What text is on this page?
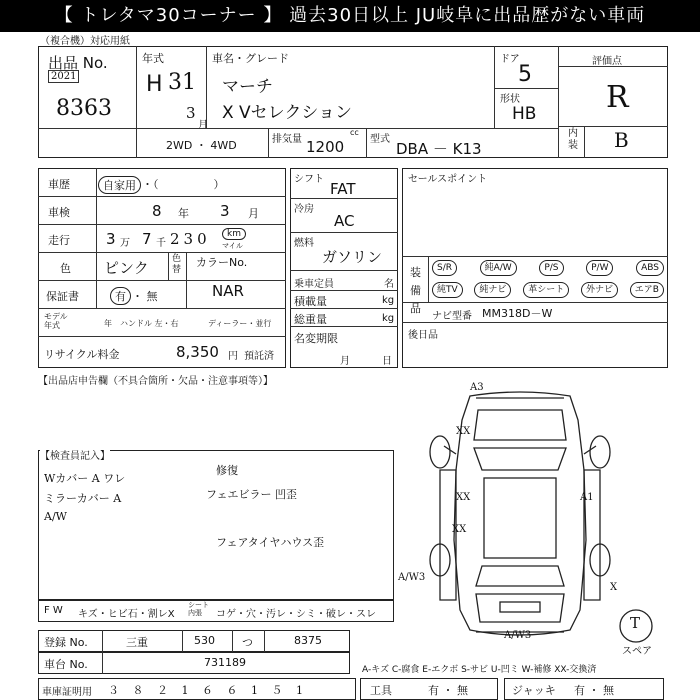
【 トレタマ30コーナー 】 過去30日以上 JU岐阜に出品歴がない車両
（複合機）対応用紙
出品 No.
2021
8363
年式
H 31
3
月
車名・グレード
マーチ
X Vセレクション
ドア
5
形状
HB
2WD ・ 4WD	排気量 1200
cc
型式
DBA － K13
評価点
R
内装 B
車歴	自家用 ・（　　　　　）
車検	8 年 3 月
走行 3 万 7 千 230	km
マイル
色 ピンク	色替
カラーNo.
NAR
保証書	有 ・ 無
モデル年式	年 ハンドル 左・右	ディーラー・並行
リサイクル料金	8,350 円 預託済
シフト
FAT
冷房
AC
燃料
ガソリン
乗車定員	名
積載量	kg
総重量	kg
名変期限
月	日
セールスポイント
装備品
S/R	純A/W	P/S	P/W	ABS
純TV	純ナビ	革シート	外ナビ	エアB
ナビ型番 MM318D－W
後日品
【出品店申告欄（不具合箇所・欠品・注意事項等）】
【検査員記入】
Wカバー A ワレ
ミラーカバー A
A/W
修復
フェエビラー 凹歪
フェアタイヤハウス歪
F W キズ・ヒビ石・割レX
シート内張	コゲ・穴・汚レ・シミ・破レ・スレ
登録 No.	三重	530 つ	8375
車台 No.	731189
A-キズ C-腐食 E-エクボ S-サビ U-凹ミ W-補修 XX-交換済
車庫証明用 ３ ８ ２ 1 ６ ６ 1 ５ 1	工具	有 ・ 無	ジャッキ 有 ・ 無
A3
XX
XX	A1
XX
A/W3
A/W3
X
T
スペア
